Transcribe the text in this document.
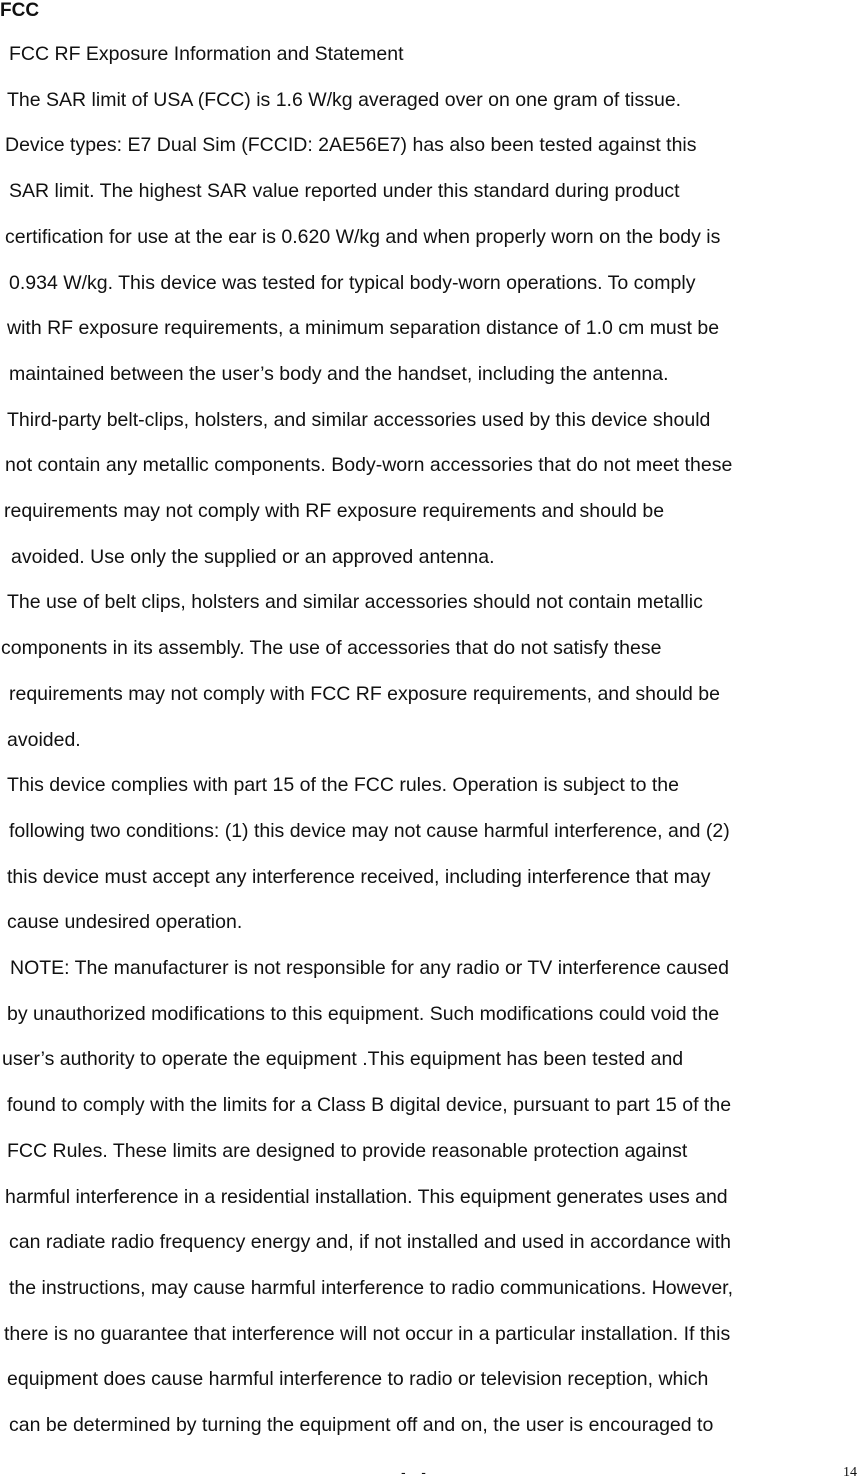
FCC
FCC RF Exposure Information and Statement
The SAR limit of USA (FCC) is 1.6 W/kg averaged over on one gram of tissue.
Device types: E7 Dual Sim (FCCID: 2AE56E7) has also been tested against this
SAR limit. The highest SAR value reported under this standard during product
certification for use at the ear is 0.620 W/kg and when properly worn on the body is
0.934 W/kg. This device was tested for typical body-worn operations. To comply
with RF exposure requirements, a minimum separation distance of 1.0 cm must be
maintained between the user’s body and the handset, including the antenna.
Third-party belt-clips, holsters, and similar accessories used by this device should
not contain any metallic components. Body-worn accessories that do not meet these
requirements may not comply with RF exposure requirements and should be
avoided. Use only the supplied or an approved antenna.
The use of belt clips, holsters and similar accessories should not contain metallic
components in its assembly. The use of accessories that do not satisfy these
requirements may not comply with FCC RF exposure requirements, and should be
avoided.
This device complies with part 15 of the FCC rules. Operation is subject to the
following two conditions: (1) this device may not cause harmful interference, and (2)
this device must accept any interference received, including interference that may
cause undesired operation.
NOTE: The manufacturer is not responsible for any radio or TV interference caused
by unauthorized modifications to this equipment. Such modifications could void the
user’s authority to operate the equipment .This equipment has been tested and
found to comply with the limits for a Class B digital device, pursuant to part 15 of the
FCC Rules. These limits are designed to provide reasonable protection against
harmful interference in a residential installation. This equipment generates uses and
can radiate radio frequency energy and, if not installed and used in accordance with
the instructions, may cause harmful interference to radio communications. However,
there is no guarantee that interference will not occur in a particular installation. If this
equipment does cause harmful interference to radio or television reception, which
can be determined by turning the equipment off and on, the user is encouraged to
-    -	14
